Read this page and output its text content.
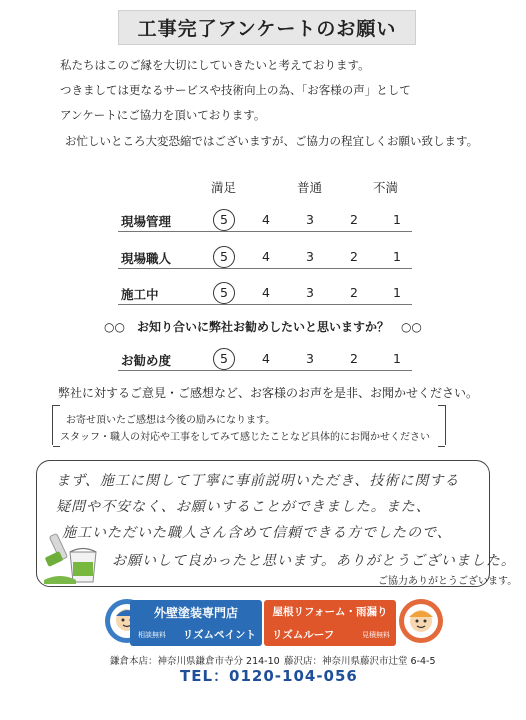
工事完了アンケートのお願い
私たちはこのご縁を大切にしていきたいと考えております。
つきましては更なるサービスや技術向上の為、「お客様の声」として
アンケートにご協力を頂いております。
お忙しいところ大変恐縮ではございますが、ご協力の程宜しくお願い致します。
満足	普通	不満
現場管理	5	4	3	2	1
現場職人	5	4	3	2	1
施工中	5	4	3	2	1
○○　お知り合いに弊社お勧めしたいと思いますか？　○○
お勧め度	5	4	3	2	1
弊社に対するご意見・ご感想など、お客様のお声を是非、お聞かせください。
お寄せ頂いたご感想は今後の励みになります。
スタッフ・職人の対応や工事をしてみて感じたことなど具体的にお聞かせください
まず、施工に関して丁寧に事前説明いただき、技術に関する
疑問や不安なく、お願いすることができました。また、
施工いただいた職人さん含めて信頼できる方でしたので、
お願いして良かったと思います。ありがとうございました。
ご協力ありがとうございます。
外壁塗装専門店
相談無料 リズムペイント
屋根リフォーム・雨漏り
リズムルーフ	見積無料
鎌倉本店：神奈川県鎌倉市寺分 214-10 藤沢店：神奈川県藤沢市辻堂 6-4-5
TEL：0120-104-056
